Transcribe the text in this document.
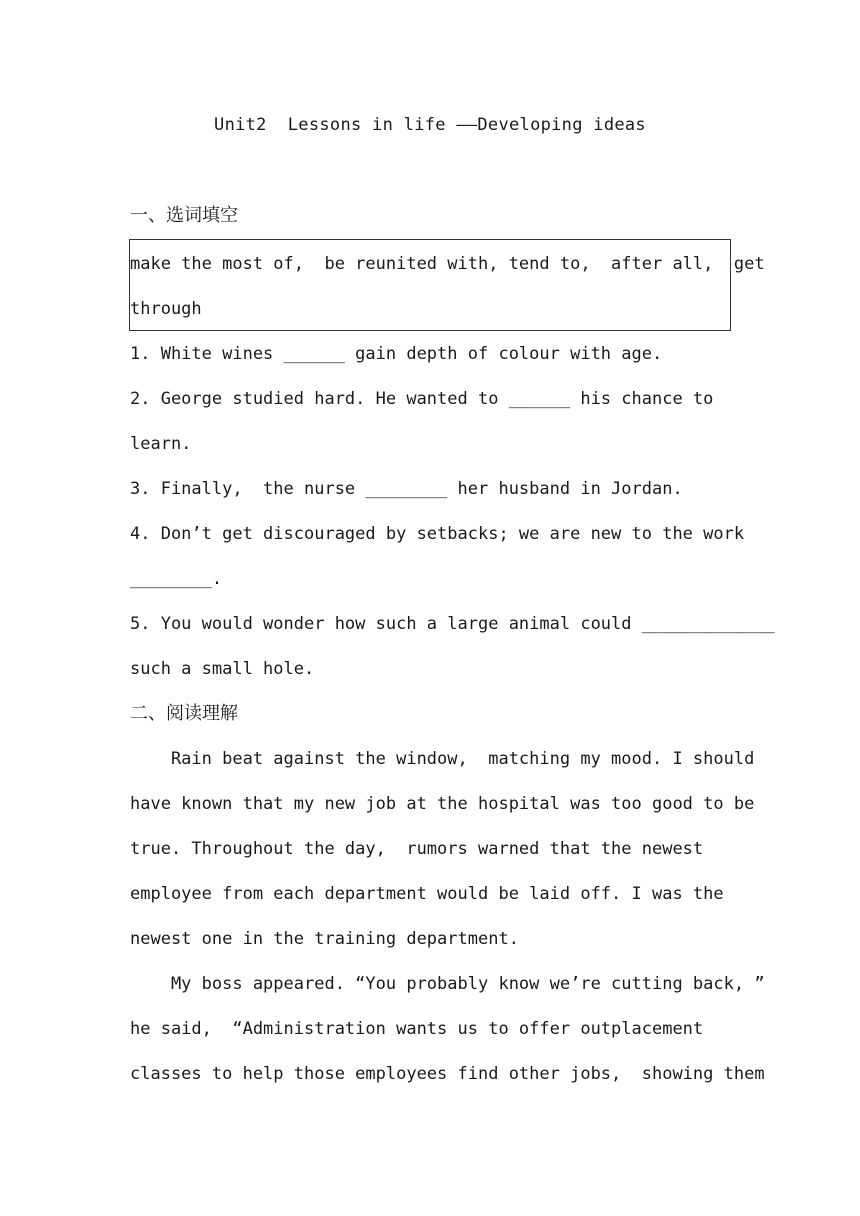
Unit2  Lessons in life ——Developing ideas
一、选词填空
make the most of,  be reunited with, tend to,  after all,  get
through
1. White wines ______ gain depth of colour with age.
2. George studied hard. He wanted to ______ his chance to
learn.
3. Finally,  the nurse ________ her husband in Jordan.
4. Don’t get discouraged by setbacks; we are new to the work
________.
5. You would wonder how such a large animal could _____________
such a small hole.
二、阅读理解
Rain beat against the window,  matching my mood. I should
have known that my new job at the hospital was too good to be
true. Throughout the day,  rumors warned that the newest
employee from each department would be laid off. I was the
newest one in the training department.
My boss appeared. “You probably know we’re cutting back, ”
he said,  “Administration wants us to offer outplacement
classes to help those employees find other jobs,  showing them
